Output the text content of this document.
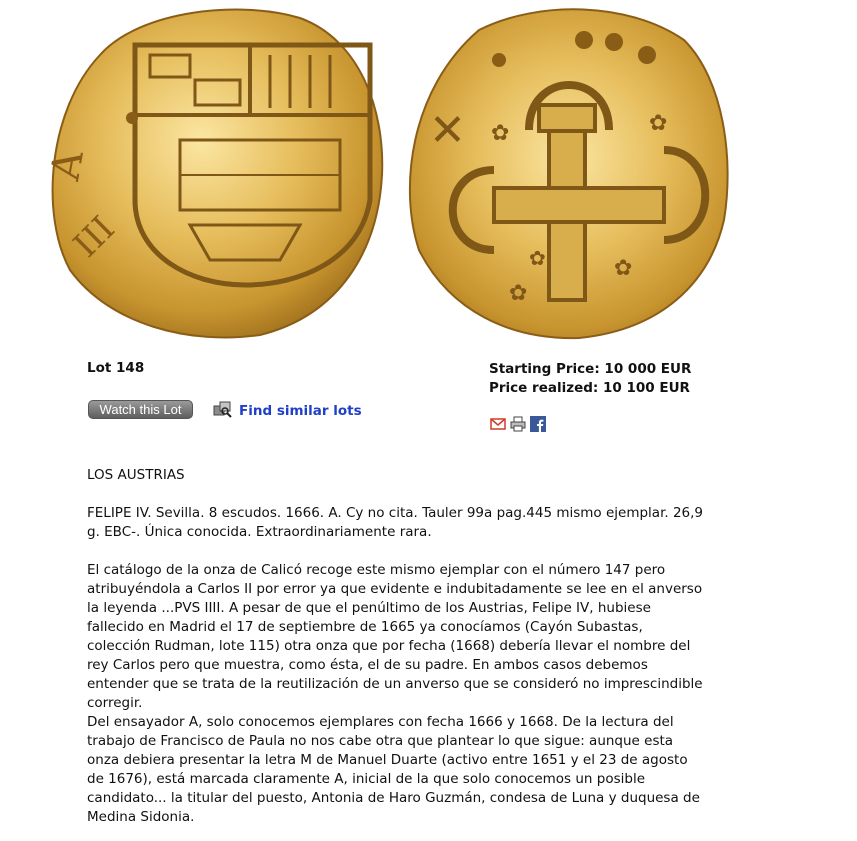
A
III
✕ ✿	✿
✿
✿
✿
Lot 148	Starting Price: 10 000 EUR
Price realized: 10 100 EUR
Watch this Lot	Find similar lots

LOS AUSTRIAS

FELIPE IV. Sevilla. 8 escudos. 1666. A. Cy no cita. Tauler 99a pag.445 mismo ejemplar. 26,9 g. EBC-. Única conocida. Extraordinariamente rara.

El catálogo de la onza de Calicó recoge este mismo ejemplar con el número 147 pero atribuyéndola a Carlos II por error ya que evidente e indubitadamente se lee en el anverso la leyenda ...PVS IIII. A pesar de que el penúltimo de los Austrias, Felipe IV, hubiese fallecido en Madrid el 17 de septiembre de 1665 ya conocíamos (Cayón Subastas, colección Rudman, lote 115) otra onza que por fecha (1668) debería llevar el nombre del rey Carlos pero que muestra, como ésta, el de su padre. En ambos casos debemos entender que se trata de la reutilización de un anverso que se consideró no imprescindible corregir.

Del ensayador A, solo conocemos ejemplares con fecha 1666 y 1668. De la lectura del trabajo de Francisco de Paula no nos cabe otra que plantear lo que sigue: aunque esta onza debiera presentar la letra M de Manuel Duarte (activo entre 1651 y el 23 de agosto de 1676), está marcada claramente A, inicial de la que solo conocemos un posible candidato... la titular del puesto, Antonia de Haro Guzmán, condesa de Luna y duquesa de Medina Sidonia.
